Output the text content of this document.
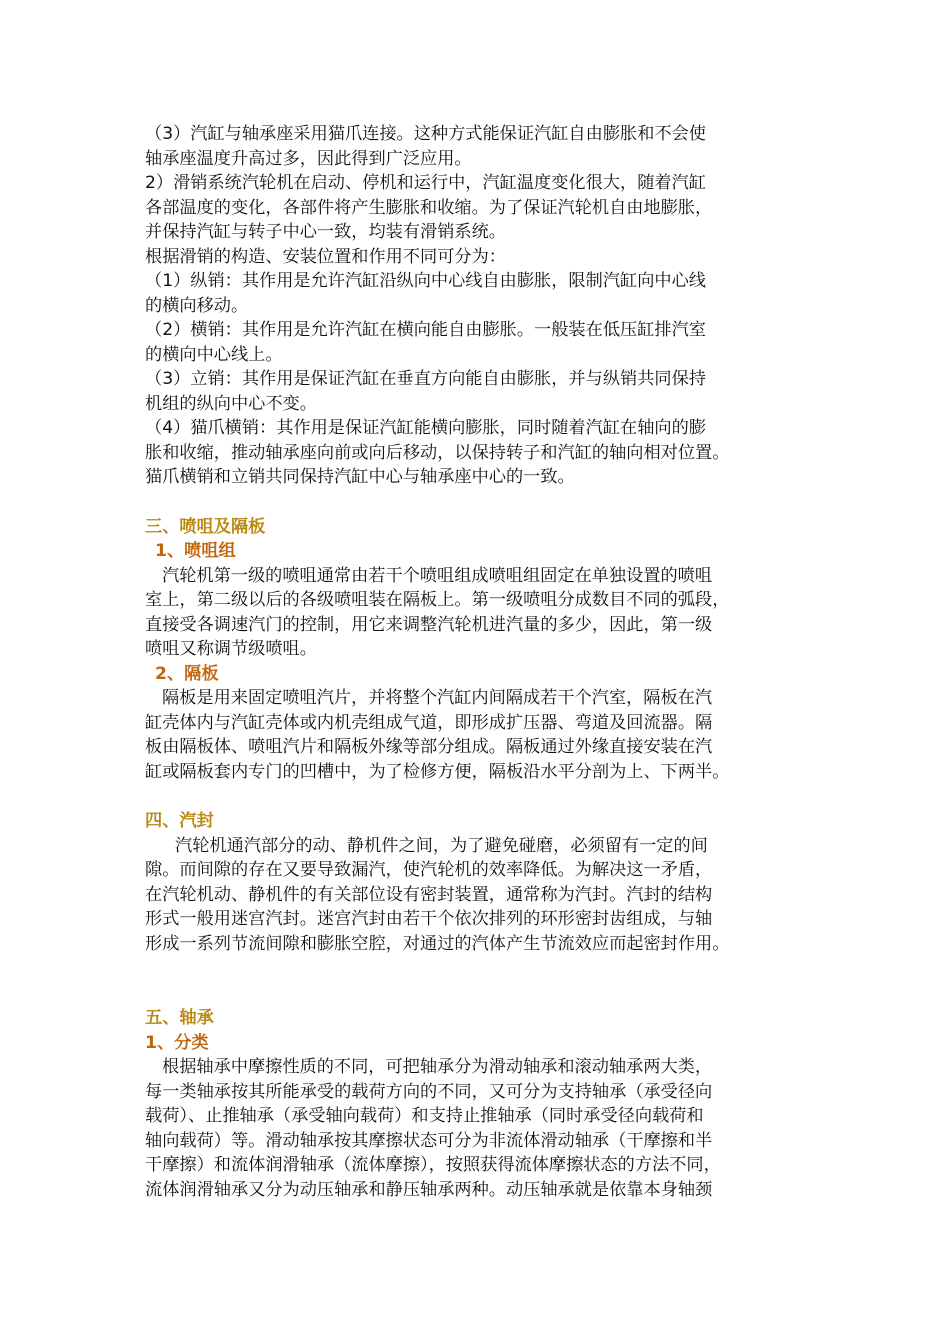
（3）汽缸与轴承座采用猫爪连接。这种方式能保证汽缸自由膨胀和不会使
轴承座温度升高过多，因此得到广泛应用。
2）滑销系统汽轮机在启动、停机和运行中，汽缸温度变化很大，随着汽缸
各部温度的变化，各部件将产生膨胀和收缩。为了保证汽轮机自由地膨胀，
并保持汽缸与转子中心一致，均装有滑销系统。
根据滑销的构造、安装位置和作用不同可分为：
（1）纵销：其作用是允许汽缸沿纵向中心线自由膨胀，限制汽缸向中心线
的横向移动。
（2）横销：其作用是允许汽缸在横向能自由膨胀。一般装在低压缸排汽室
的横向中心线上。
（3）立销：其作用是保证汽缸在垂直方向能自由膨胀，并与纵销共同保持
机组的纵向中心不变。
（4）猫爪横销：其作用是保证汽缸能横向膨胀，同时随着汽缸在轴向的膨
胀和收缩，推动轴承座向前或向后移动，以保持转子和汽缸的轴向相对位置。
猫爪横销和立销共同保持汽缸中心与轴承座中心的一致。
三、喷咀及隔板
1、喷咀组
汽轮机第一级的喷咀通常由若干个喷咀组成喷咀组固定在单独设置的喷咀
室上，第二级以后的各级喷咀装在隔板上。第一级喷咀分成数目不同的弧段，
直接受各调速汽门的控制，用它来调整汽轮机进汽量的多少，因此，第一级
喷咀又称调节级喷咀。
2、隔板
隔板是用来固定喷咀汽片，并将整个汽缸内间隔成若干个汽室，隔板在汽
缸壳体内与汽缸壳体或内机壳组成气道，即形成扩压器、弯道及回流器。隔
板由隔板体、喷咀汽片和隔板外缘等部分组成。隔板通过外缘直接安装在汽
缸或隔板套内专门的凹槽中，为了检修方便，隔板沿水平分剖为上、下两半。
四、汽封
汽轮机通汽部分的动、静机件之间，为了避免碰磨，必须留有一定的间
隙。而间隙的存在又要导致漏汽，使汽轮机的效率降低。为解决这一矛盾，
在汽轮机动、静机件的有关部位设有密封装置，通常称为汽封。汽封的结构
形式一般用迷宫汽封。迷宫汽封由若干个依次排列的环形密封齿组成，与轴
形成一系列节流间隙和膨胀空腔，对通过的汽体产生节流效应而起密封作用。
五、轴承
1、分类
根据轴承中摩擦性质的不同，可把轴承分为滑动轴承和滚动轴承两大类，
每一类轴承按其所能承受的载荷方向的不同，又可分为支持轴承（承受径向
载荷）、止推轴承（承受轴向载荷）和支持止推轴承（同时承受径向载荷和
轴向载荷）等。滑动轴承按其摩擦状态可分为非流体滑动轴承（干摩擦和半
干摩擦）和流体润滑轴承（流体摩擦），按照获得流体摩擦状态的方法不同，
流体润滑轴承又分为动压轴承和静压轴承两种。动压轴承就是依靠本身轴颈
